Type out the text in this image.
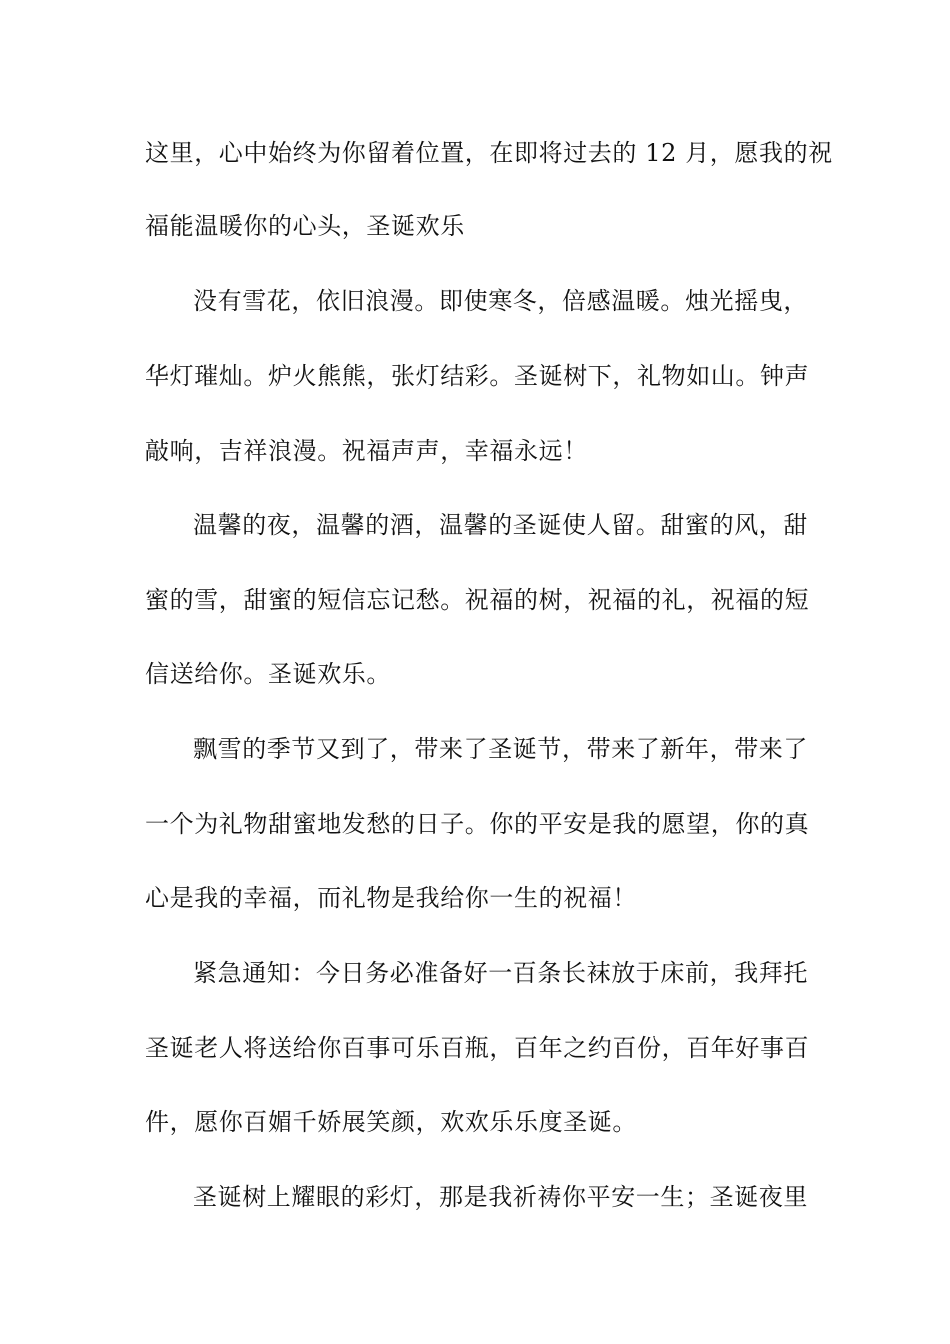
这里，心中始终为你留着位置，在即将过去的 12 月，愿我的祝
福能温暖你的心头，圣诞欢乐
没有雪花，依旧浪漫。即使寒冬，倍感温暖。烛光摇曳，
华灯璀灿。炉火熊熊，张灯结彩。圣诞树下，礼物如山。钟声
敲响，吉祥浪漫。祝福声声，幸福永远！
温馨的夜，温馨的酒，温馨的圣诞使人留。甜蜜的风，甜
蜜的雪，甜蜜的短信忘记愁。祝福的树，祝福的礼，祝福的短
信送给你。圣诞欢乐。
飘雪的季节又到了，带来了圣诞节，带来了新年，带来了
一个为礼物甜蜜地发愁的日子。你的平安是我的愿望，你的真
心是我的幸福，而礼物是我给你一生的祝福！
紧急通知：今日务必准备好一百条长袜放于床前，我拜托
圣诞老人将送给你百事可乐百瓶，百年之约百份，百年好事百
件，愿你百媚千娇展笑颜，欢欢乐乐度圣诞。
圣诞树上耀眼的彩灯，那是我祈祷你平安一生；圣诞夜里
